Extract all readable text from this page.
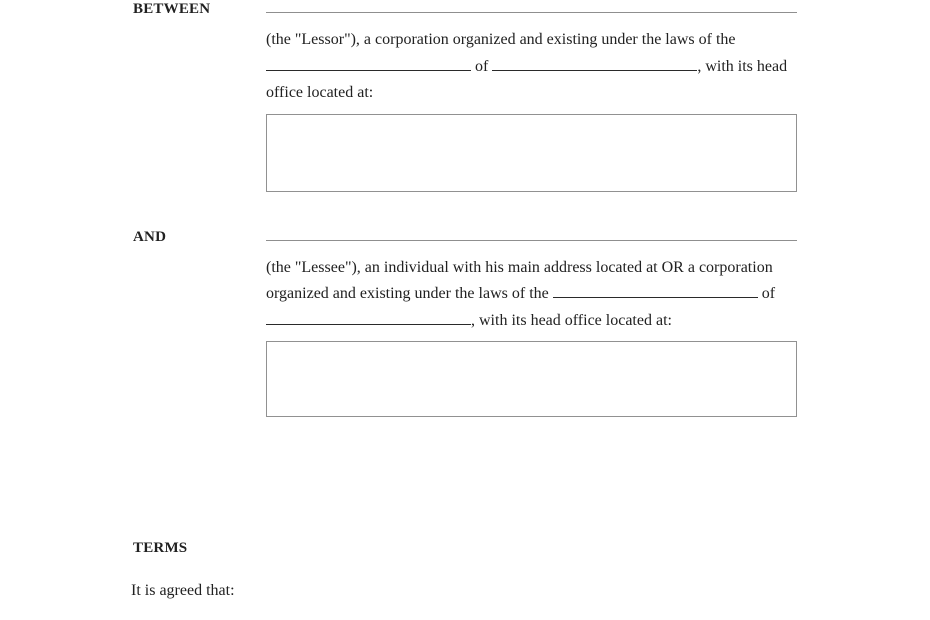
BETWEEN

(the "Lessor"), a corporation organized and existing under the laws of the  of	, with its head office located at:

AND

(the "Lessee"), an individual with his main address located at OR a corporation organized and existing under the laws of the	of , with its head office located at:

TERMS

It is agreed that:
